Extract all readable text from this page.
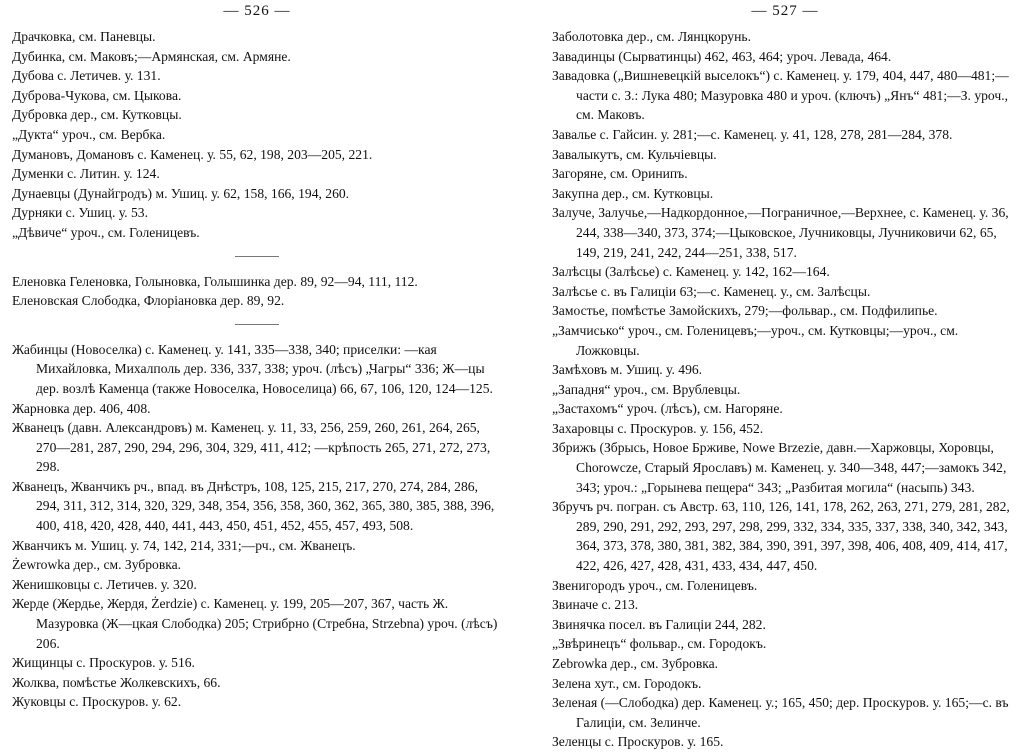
— 526 —

Драчковка, см. Паневцы.

Дубинка, см. Маковъ;—Армянская, см. Армяне.

Дубова с. Летичев. у. 131.

Дуброва-Чукова, см. Цыкова.

Дубровка дер., см. Кутковцы.

„Дукта“ уроч., см. Вербка.

Думановъ, Домановъ с. Каменец. у. 55, 62, 198, 203—205, 221.

Думенки с. Литин. у. 124.

Дунаевцы (Дунайгродъ) м. Ушиц. у. 62, 158, 166, 194, 260.

Дурняки с. Ушиц. у. 53.

„Дѣвиче“ уроч., см. Голеницевъ.

Еленовка Геленовка, Голыновка, Голышинка дер. 89, 92—94, 111, 112.

Еленовская Слободка, Флоріановка дер. 89, 92.

Жабинцы (Новоселка) с. Каменец. у. 141, 335—338, 340; приселки: —кая Михайловка, Михалполь дер. 336, 337, 338; уроч. (лѣсъ) „Чагры“ 336; Ж—цы дер. возлѣ Каменца (также Новоселка, Новоселица) 66, 67, 106, 120, 124—125.

Жарновка дер. 406, 408.

Жванецъ (давн. Александровъ) м. Каменец. у. 11, 33, 256, 259, 260, 261, 264, 265, 270—281, 287, 290, 294, 296, 304, 329, 411, 412; —крѣпость 265, 271, 272, 273, 298.

Жванецъ, Жванчикъ рч., впад. въ Днѣстръ, 108, 125, 215, 217, 270, 274, 284, 286, 294, 311, 312, 314, 320, 329, 348, 354, 356, 358, 360, 362, 365, 380, 385, 388, 396, 400, 418, 420, 428, 440, 441, 443, 450, 451, 452, 455, 457, 493, 508.

Жванчикъ м. Ушиц. у. 74, 142, 214, 331;—рч., см. Жванецъ.

Żewrowka дер., см. Зубровка.

Женишковцы с. Летичев. у. 320.

Жерде (Жердье, Жердя, Żerdzie) с. Каменец. у. 199, 205—207, 367, часть Ж. Мазуровка (Ж—цкая Слободка) 205; Стрибрно (Стребна, Strzebna) уроч. (лѣсъ) 206.

Жищинцы с. Проскуров. у. 516.

Жолква, помѣстье Жолкевскихъ, 66.

Жуковцы с. Проскуров. у. 62.

— 527 —

Заболотовка дер., см. Лянцкорунь.

Завадинцы (Сырватинцы) 462, 463, 464; уроч. Левада, 464.

Завадовка („Вишневецкій выселокъ“) с. Каменец. у. 179, 404, 447, 480—481;—части с. З.: Лука 480; Мазуровка 480 и уроч. (ключъ) „Янъ“ 481;—З. уроч., см. Маковъ.

Завалье с. Гайсин. у. 281;—с. Каменец. у. 41, 128, 278, 281—284, 378.

Завалыкутъ, см. Кульчіевцы.

Загоряне, см. Оринипъ.

Закупна дер., см. Кутковцы.

Залуче, Залучье,—Надкордонное,—Пограничное,—Верхнее, с. Каменец. у. 36, 244, 338—340, 373, 374;—Цыковское, Лучниковцы, Лучниковичи 62, 65, 149, 219, 241, 242, 244—251, 338, 517.

Залѣсцы (Залѣсье) с. Каменец. у. 142, 162—164.

Залѣсье с. въ Галиціи 63;—с. Каменец. у., см. Залѣсцы.

Замостье, помѣстье Замойскихъ, 279;—фольвар., см. Подфилипье.

„Замчисько“ уроч., см. Голеницевъ;—уроч., см. Кутковцы;—уроч., см. Ложковцы.

Замѣховъ м. Ушиц. у. 496.

„Западня“ уроч., см. Врублевцы.

„Застахомъ“ уроч. (лѣсъ), см. Нагоряне.

Захаровцы с. Проскуров. у. 156, 452.

Збрижъ (Збрысь, Новое Брживе, Nowe Brzezie, давн.—Харжовцы, Хоровцы, Chorowcze, Старый Ярославъ) м. Каменец. у. 340—348, 447;—замокъ 342, 343; уроч.: „Горынева пещера“ 343; „Разбитая могила“ (насыпь) 343.

Збручъ рч. погран. съ Австр. 63, 110, 126, 141, 178, 262, 263, 271, 279, 281, 282, 289, 290, 291, 292, 293, 297, 298, 299, 332, 334, 335, 337, 338, 340, 342, 343, 364, 373, 378, 380, 381, 382, 384, 390, 391, 397, 398, 406, 408, 409, 414, 417, 422, 426, 427, 428, 431, 433, 434, 447, 450.

Звенигородъ уроч., см. Голеницевъ.

Звиначе с. 213.

Звинячка посел. въ Галиціи 244, 282.

„Звѣринецъ“ фольвар., см. Городокъ.

Zebrowka дер., см. Зубровка.

Зелена хут., см. Городокъ.

Зеленая (—Слободка) дер. Каменец. у.; 165, 450; дер. Проскуров. у. 165;—с. въ Галиціи, см. Зелинче.

Зеленцы с. Проскуров. у. 165.
